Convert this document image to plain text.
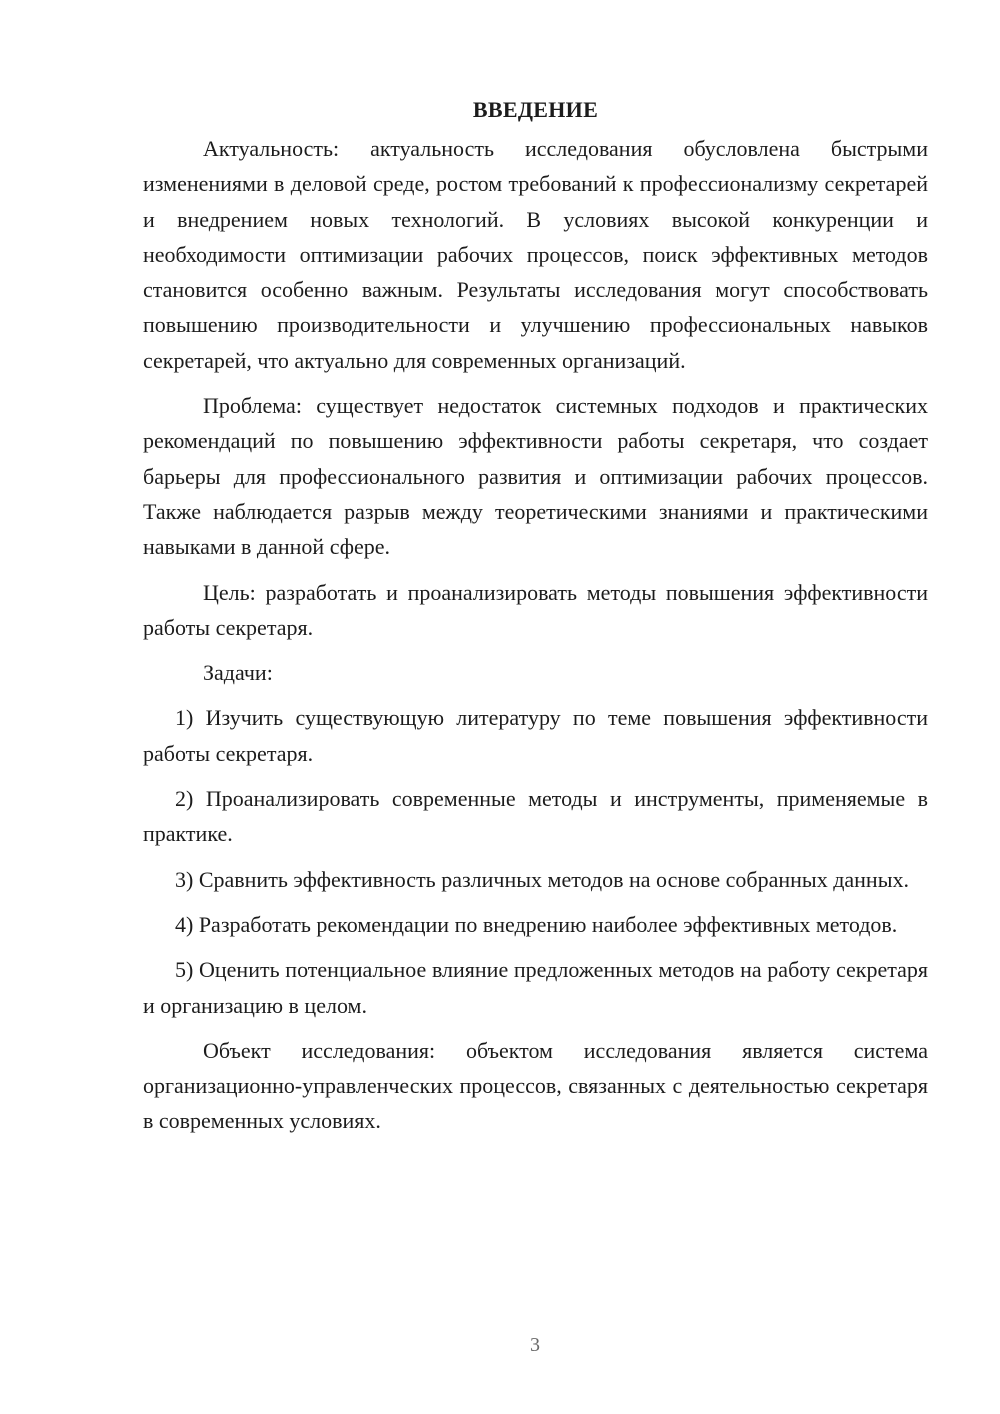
ВВЕДЕНИЕ

Актуальность: актуальность исследования обусловлена быстрыми изменениями в деловой среде, ростом требований к профессионализму секретарей и внедрением новых технологий. В условиях высокой конкуренции и необходимости оптимизации рабочих процессов, поиск эффективных методов становится особенно важным. Результаты исследования могут способствовать повышению производительности и улучшению профессиональных навыков секретарей, что актуально для современных организаций.

Проблема: существует недостаток системных подходов и практических рекомендаций по повышению эффективности работы секретаря, что создает барьеры для профессионального развития и оптимизации рабочих процессов. Также наблюдается разрыв между теоретическими знаниями и практическими навыками в данной сфере.

Цель: разработать и проанализировать методы повышения эффективности работы секретаря.

Задачи:

1) Изучить существующую литературу по теме повышения эффективности работы секретаря.

2) Проанализировать современные методы и инструменты, применяемые в практике.

3) Сравнить эффективность различных методов на основе собранных данных.

4) Разработать рекомендации по внедрению наиболее эффективных методов.

5) Оценить потенциальное влияние предложенных методов на работу секретаря и организацию в целом.

Объект исследования: объектом исследования является система организационно-управленческих процессов, связанных с деятельностью секретаря в современных условиях.

3
